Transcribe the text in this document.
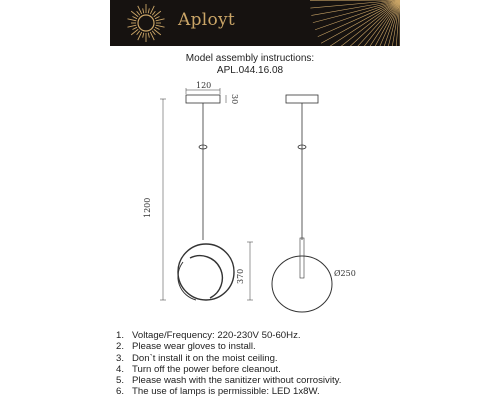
Aployt
Model assembly instructions:
APL.044.16.08
120
30
1200
370	Ø250
1. Voltage/Frequency: 220-230V 50-60Hz.
2. Please wear gloves to install.
3. Don`t install it on the moist ceiling.
4. Turn off the power before cleanout.
5. Please wash with the sanitizer without corrosivity.
6. The use of lamps is permissible: LED 1x8W.
